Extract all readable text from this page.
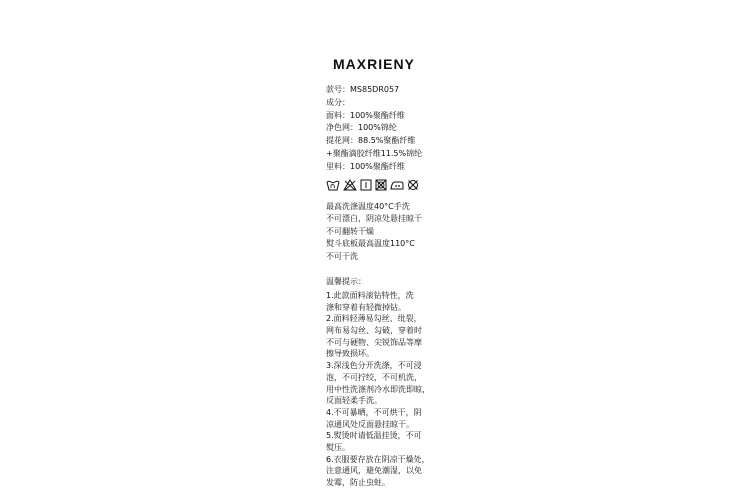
MAXRIENY
款号：MS85DR057
成分：
面料：100%聚酯纤维
净色网：100%锦纶
提花网：88.5%聚酯纤维
+聚酯滴胶纤维11.5%锦纶
里料：100%聚酯纤维
最高洗涤温度40°C手洗
不可漂白，阴凉处悬挂晾干
不可翻转干燥
熨斗底板最高温度110°C
不可干洗
温馨提示：
1.此款面料滚钻特性，洗
涤和穿着有轻微掉钻。
2.面料轻薄易勾丝、纰裂，
网布易勾丝、勾破，穿着时
不可与硬物、尖锐饰品等摩
擦导致损坏。
3.深浅色分开洗涤，不可浸
泡，不可拧绞，不可机洗，
用中性洗涤剂冷水即洗即晾，
反面轻柔手洗。
4.不可暴晒，不可烘干，阴
凉通风处反面悬挂晾干。
5.熨烫时请低温挂烫，不可
熨压。
6.衣服要存放在阴凉干燥处，
注意通风，避免潮湿，以免
发霉，防止虫蛀。
